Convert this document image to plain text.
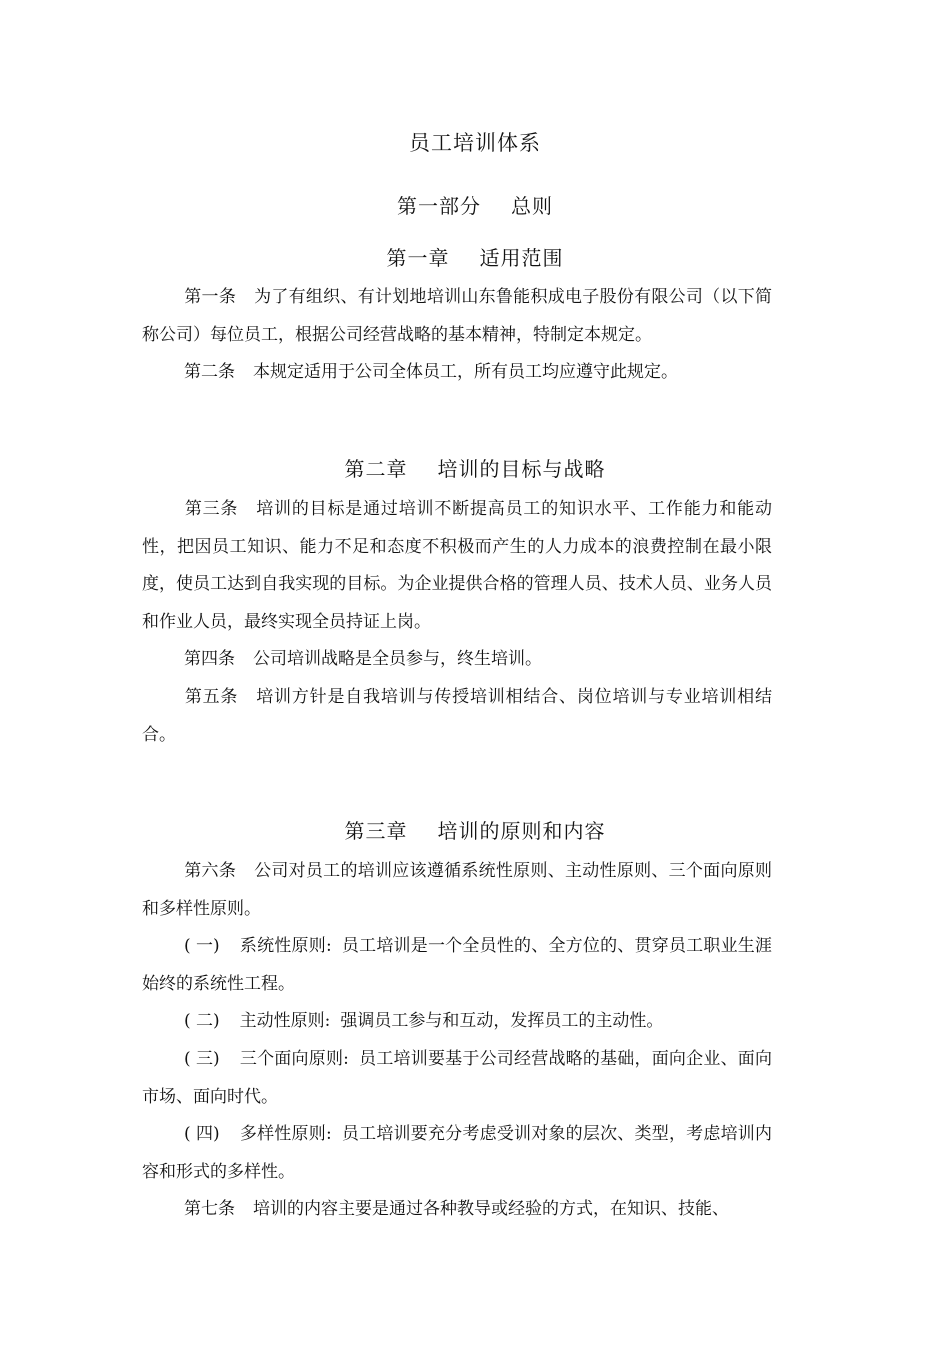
员工培训体系
第一部分 总则
第一章 适用范围
第一条 为了有组织、有计划地培训山东鲁能积成电子股份有限公司（以下简称公司）每位员工，根据公司经营战略的基本精神，特制定本规定。
第二条 本规定适用于公司全体员工，所有员工均应遵守此规定。
第二章 培训的目标与战略
第三条 培训的目标是通过培训不断提高员工的知识水平、工作能力和能动性，把因员工知识、能力不足和态度不积极而产生的人力成本的浪费控制在最小限度，使员工达到自我实现的目标。为企业提供合格的管理人员、技术人员、业务人员和作业人员，最终实现全员持证上岗。
第四条 公司培训战略是全员参与，终生培训。
第五条 培训方针是自我培训与传授培训相结合、岗位培训与专业培训相结合。
第三章 培训的原则和内容
第六条 公司对员工的培训应该遵循系统性原则、主动性原则、三个面向原则和多样性原则。
( 一) 系统性原则: 员工培训是一个全员性的、全方位的、贯穿员工职业生涯始终的系统性工程。
( 二) 主动性原则: 强调员工参与和互动，发挥员工的主动性。
( 三) 三个面向原则: 员工培训要基于公司经营战略的基础，面向企业、面向市场、面向时代。
( 四) 多样性原则: 员工培训要充分考虑受训对象的层次、类型，考虑培训内容和形式的多样性。
第七条 培训的内容主要是通过各种教导或经验的方式，在知识、技能、
